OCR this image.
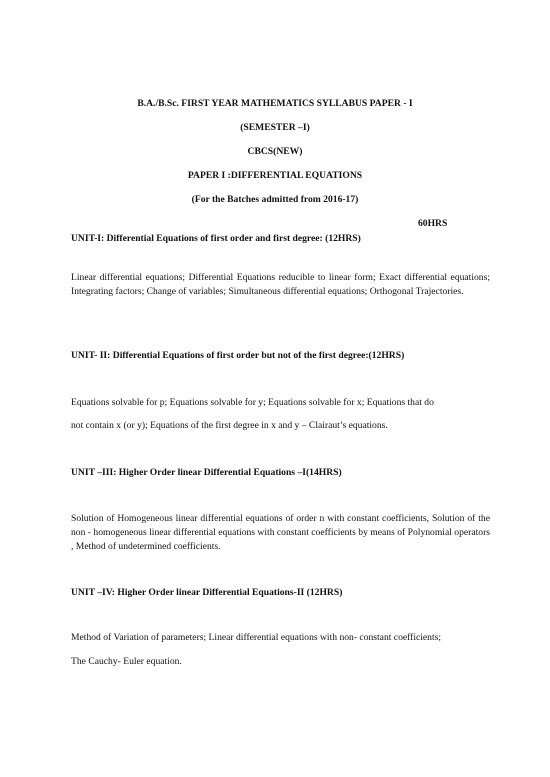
B.A./B.Sc. FIRST YEAR MATHEMATICS SYLLABUS PAPER - I
(SEMESTER –I)
CBCS(NEW)
PAPER I :DIFFERENTIAL EQUATIONS
(For the Batches admitted from 2016-17)
60HRS
UNIT-I: Differential Equations of first order and first degree: (12HRS)
Linear differential equations; Differential Equations reducible to linear form; Exact differential equations; Integrating factors; Change of variables; Simultaneous differential equations; Orthogonal Trajectories.
UNIT- II: Differential Equations of first order but not of the first degree:(12HRS)
Equations solvable for p; Equations solvable for y; Equations solvable for x; Equations that do
not contain x (or y); Equations of the first degree in x and y – Clairaut’s equations.
UNIT –III: Higher Order linear Differential Equations –I(14HRS)
Solution of Homogeneous linear differential equations of order n with constant coefficients, Solution of the non - homogeneous linear differential equations with constant coefficients by means of Polynomial operators , Method of undetermined coefficients.
UNIT –IV: Higher Order linear Differential Equations-II (12HRS)
Method of Variation of parameters; Linear differential equations with non- constant coefficients;
The Cauchy- Euler equation.
